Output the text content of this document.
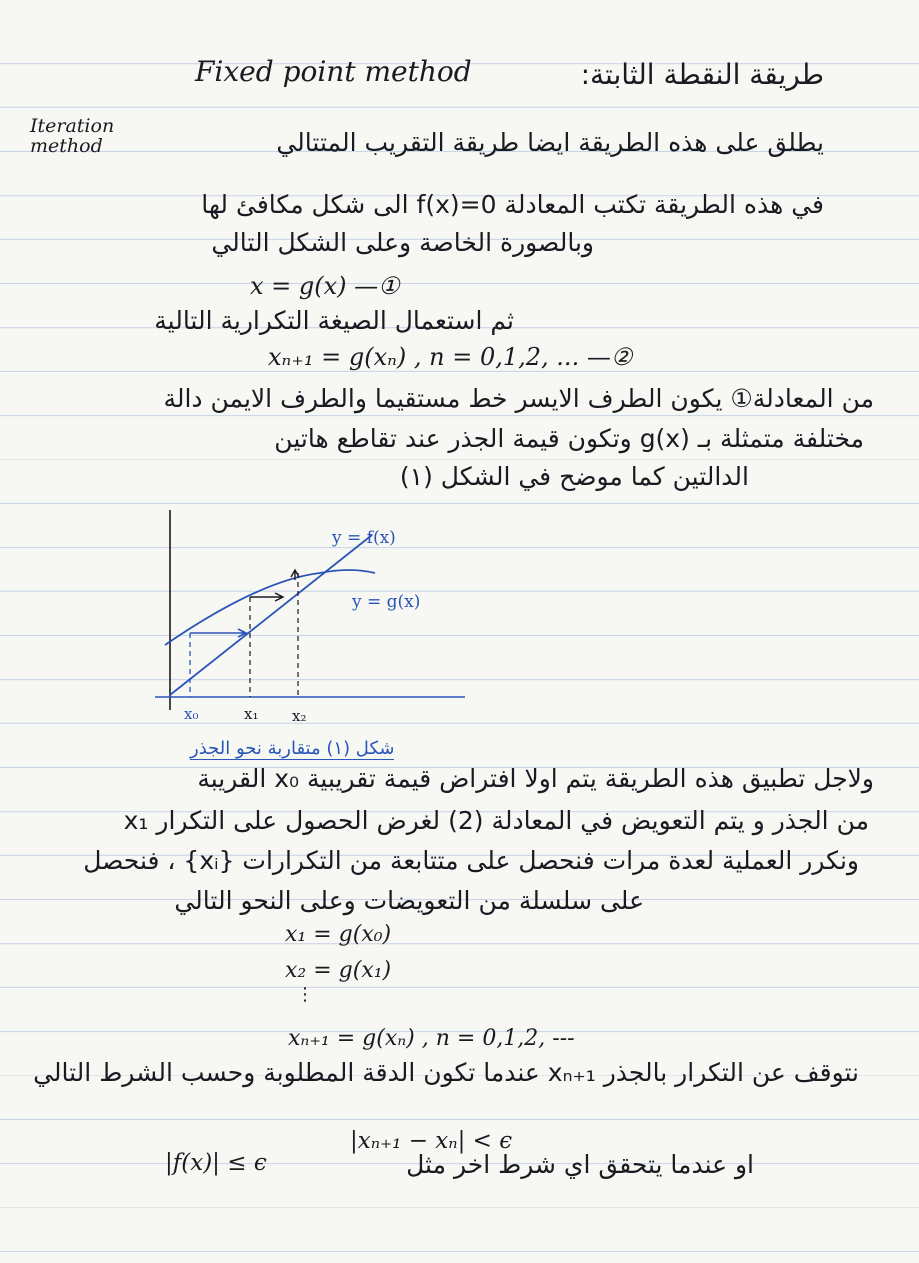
Fixed point method	طريقة النقطة الثابتة:
Iteration method	يطلق على هذه الطريقة ايضا طريقة التقريب المتتالي
في هذه الطريقة تكتب المعادلة f(x)=0 الى شكل مكافئ لها
وبالصورة الخاصة وعلى الشكل التالي
x = g(x) —①
ثم استعمال الصيغة التكرارية التالية
xₙ₊₁ = g(xₙ) , n = 0,1,2, ... —②
من المعادلة① يكون الطرف الايسر خط مستقيما والطرف الايمن دالة
مختلفة متمثلة بـ g(x) وتكون قيمة الجذر عند تقاطع هاتين
الدالتين كما موضح في الشكل (١)
y = f(x)
y = g(x)
x₀	x₁ x₂
شكل (١) متقاربة نحو الجذر
ولاجل تطبيق هذه الطريقة يتم اولا افتراض قيمة تقريبية x₀ القريبة
من الجذر و يتم التعويض في المعادلة (2) لغرض الحصول على التكرار x₁
ونكرر العملية لعدة مرات فنحصل على متتابعة من التكرارات {xᵢ} ، فنحصل
على سلسلة من التعويضات وعلى النحو التالي
x₁ = g(x₀)
x₂ = g(x₁)
⋮
xₙ₊₁ = g(xₙ) , n = 0,1,2, ---
نتوقف عن التكرار بالجذر xₙ₊₁ عندما تكون الدقة المطلوبة وحسب الشرط التالي
|xₙ₊₁ − xₙ| < ϵ
او عندما يتحقق اي شرط اخر مثل
|f(x)| ≤ ϵ
